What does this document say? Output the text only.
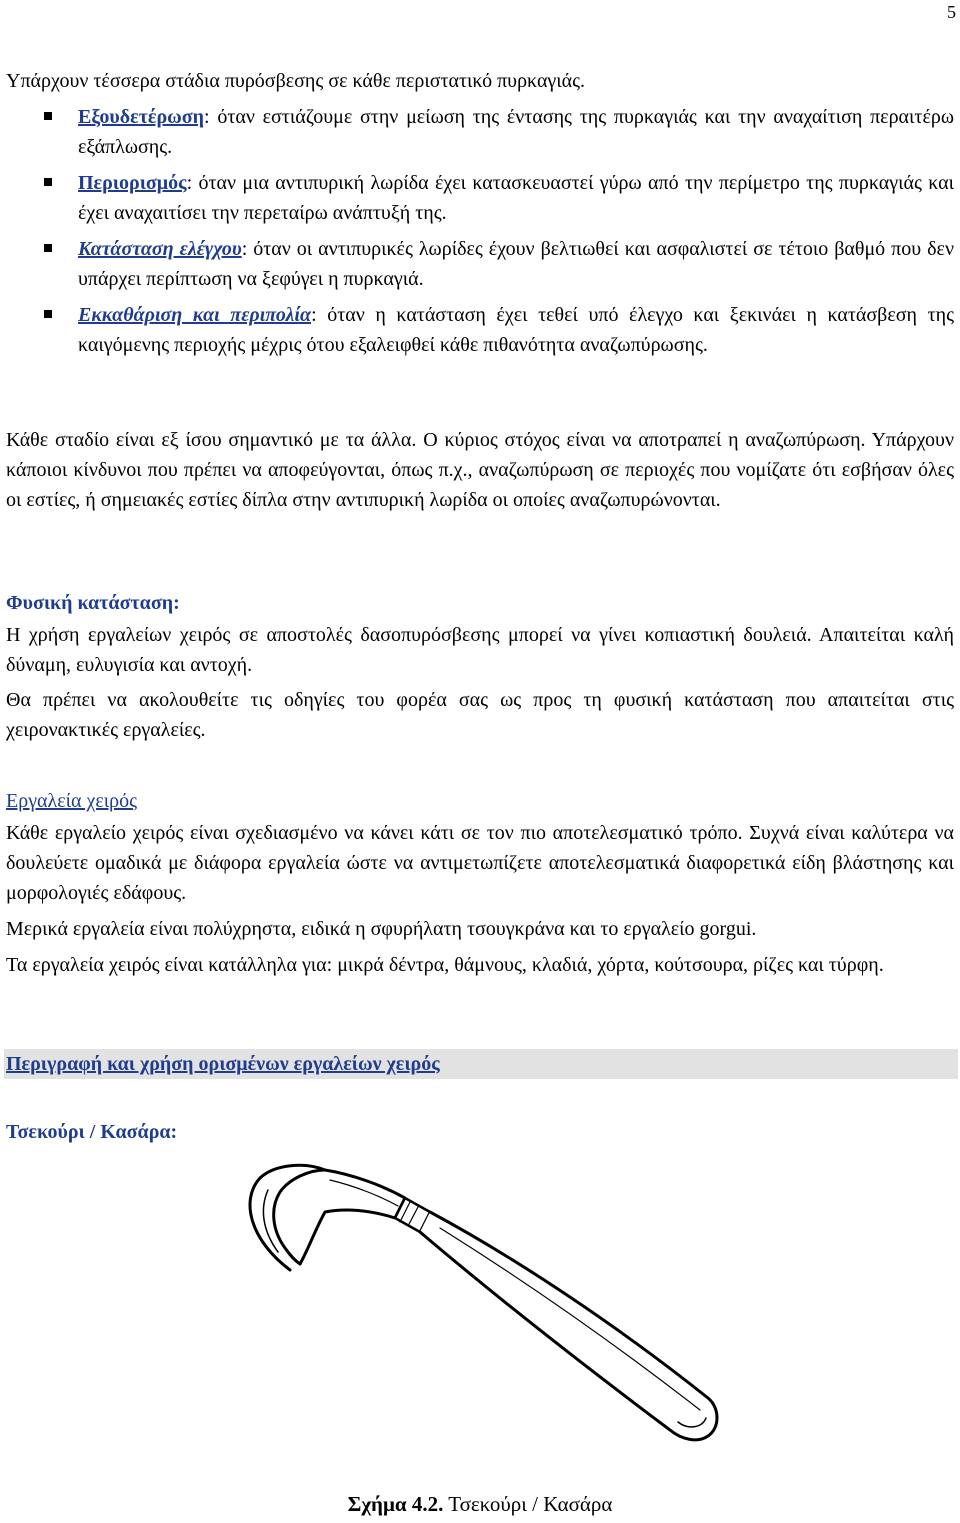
5
Υπάρχουν τέσσερα στάδια πυρόσβεσης σε κάθε περιστατικό πυρκαγιάς.
Εξουδετέρωση: όταν εστιάζουμε στην μείωση της έντασης της πυρκαγιάς και την αναχαίτιση περαιτέρω εξάπλωσης.
Περιορισμός: όταν μια αντιπυρική λωρίδα έχει κατασκευαστεί γύρω από την περίμετρο της πυρκαγιάς και έχει αναχαιτίσει την περεταίρω ανάπτυξή της.
Κατάσταση ελέγχου: όταν οι αντιπυρικές λωρίδες έχουν βελτιωθεί και ασφαλιστεί σε τέτοιο βαθμό που δεν υπάρχει περίπτωση να ξεφύγει η πυρκαγιά.
Εκκαθάριση και περιπολία: όταν η κατάσταση έχει τεθεί υπό έλεγχο και ξεκινάει η κατάσβεση της καιγόμενης περιοχής μέχρις ότου εξαλειφθεί κάθε πιθανότητα αναζωπύρωσης.
Κάθε σταδίο είναι εξ ίσου σημαντικό με τα άλλα. Ο κύριος στόχος είναι να αποτραπεί η αναζωπύρωση. Υπάρχουν κάποιοι κίνδυνοι που πρέπει να αποφεύγονται, όπως π.χ., αναζωπύρωση σε περιοχές που νομίζατε ότι εσβήσαν όλες οι εστίες, ή σημειακές εστίες δίπλα στην αντιπυρική λωρίδα οι οποίες αναζωπυρώνονται.
Φυσική κατάσταση:
Η χρήση εργαλείων χειρός σε αποστολές δασοπυρόσβεσης μπορεί να γίνει κοπιαστική δουλειά. Απαιτείται καλή δύναμη, ευλυγισία και αντοχή.
Θα πρέπει να ακολουθείτε τις οδηγίες του φορέα σας ως προς τη φυσική κατάσταση που απαιτείται στις χειρονακτικές εργαλείες.
Εργαλεία χειρός
Κάθε εργαλείο χειρός είναι σχεδιασμένο να κάνει κάτι σε τον πιο αποτελεσματικό τρόπο. Συχνά είναι καλύτερα να δουλεύετε ομαδικά με διάφορα εργαλεία ώστε να αντιμετωπίζετε αποτελεσματικά διαφορετικά είδη βλάστησης και μορφολογιές εδάφους.
Μερικά εργαλεία είναι πολύχρηστα, ειδικά η σφυρήλατη τσουγκράνα και το εργαλείο gorgui.
Τα εργαλεία χειρός είναι κατάλληλα για: μικρά δέντρα, θάμνους, κλαδιά, χόρτα, κούτσουρα, ρίζες και τύρφη.
Περιγραφή και χρήση ορισμένων εργαλείων χειρός
Τσεκούρι / Κασάρα:
Σχήμα 4.2. Τσεκούρι / Κασάρα
